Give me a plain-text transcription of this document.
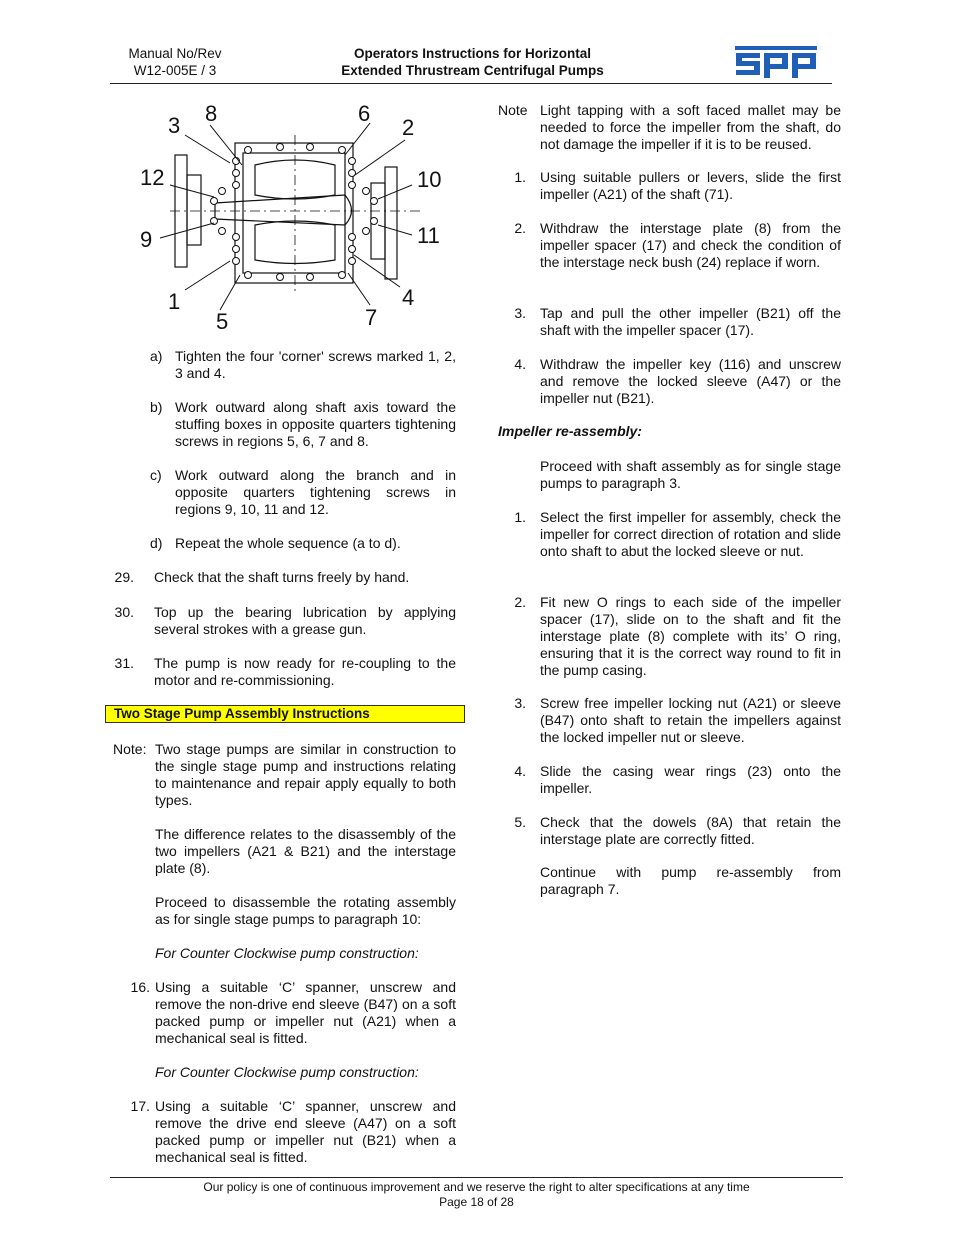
Manual No/Rev
W12-005E / 3
Operators Instructions for Horizontal
Extended Thrustream Centrifugal Pumps
3 8	6
2
12	10
9	11
1	4
5	7
a) Tighten the four 'corner' screws marked 1, 2, 3 and 4.
b) Work outward along shaft axis toward the stuffing boxes in opposite quarters tightening screws in regions 5, 6, 7 and 8.
c) Work outward along the branch and in opposite quarters tightening screws in regions 9, 10, 11 and 12.
d) Repeat the whole sequence (a to d).
29.	Check that the shaft turns freely by hand.
30.	Top up the bearing lubrication by applying several strokes with a grease gun.
31.	The pump is now ready for re-coupling to the motor and re-commissioning.
Two Stage Pump Assembly Instructions
Note: Two stage pumps are similar in construction to the single stage pump and instructions relating to maintenance and repair apply equally to both types.
The difference relates to the disassembly of the two impellers (A21 & B21) and the interstage plate (8).
Proceed to disassemble the rotating assembly as for single stage pumps to paragraph 10:
For Counter Clockwise pump construction:
16. Using a suitable ‘C’ spanner, unscrew and remove the non-drive end sleeve (B47) on a soft packed pump or impeller nut (A21) when a mechanical seal is fitted.
For Counter Clockwise pump construction:
17. Using a suitable ‘C’ spanner, unscrew and remove the drive end sleeve (A47) on a soft packed pump or impeller nut (B21) when a mechanical seal is fitted.
Note Light tapping with a soft faced mallet may be needed to force the impeller from the shaft, do not damage the impeller if it is to be reused.
1. Using suitable pullers or levers, slide the first impeller (A21) of the shaft (71).
2. Withdraw the interstage plate (8) from the impeller spacer (17) and check the condition of the interstage neck bush (24) replace if worn.
3. Tap and pull the other impeller (B21) off the shaft with the impeller spacer (17).
4. Withdraw the impeller key (116) and unscrew and remove the locked sleeve (A47) or the impeller nut (B21).
Impeller re-assembly:
Proceed with shaft assembly as for single stage pumps to paragraph 3.
1. Select the first impeller for assembly, check the impeller for correct direction of rotation and slide onto shaft to abut the locked sleeve or nut.
2. Fit new O rings to each side of the impeller spacer (17), slide on to the shaft and fit the interstage plate (8) complete with its’ O ring, ensuring that it is the correct way round to fit in the pump casing.
3. Screw free impeller locking nut (A21) or sleeve (B47) onto shaft to retain the impellers against the locked impeller nut or sleeve.
4. Slide the casing wear rings (23) onto the impeller.
5. Check that the dowels (8A) that retain the interstage plate are correctly fitted.
Continue with pump re-assembly from paragraph 7.
Our policy is one of continuous improvement and we reserve the right to alter specifications at any time
Page 18 of 28
